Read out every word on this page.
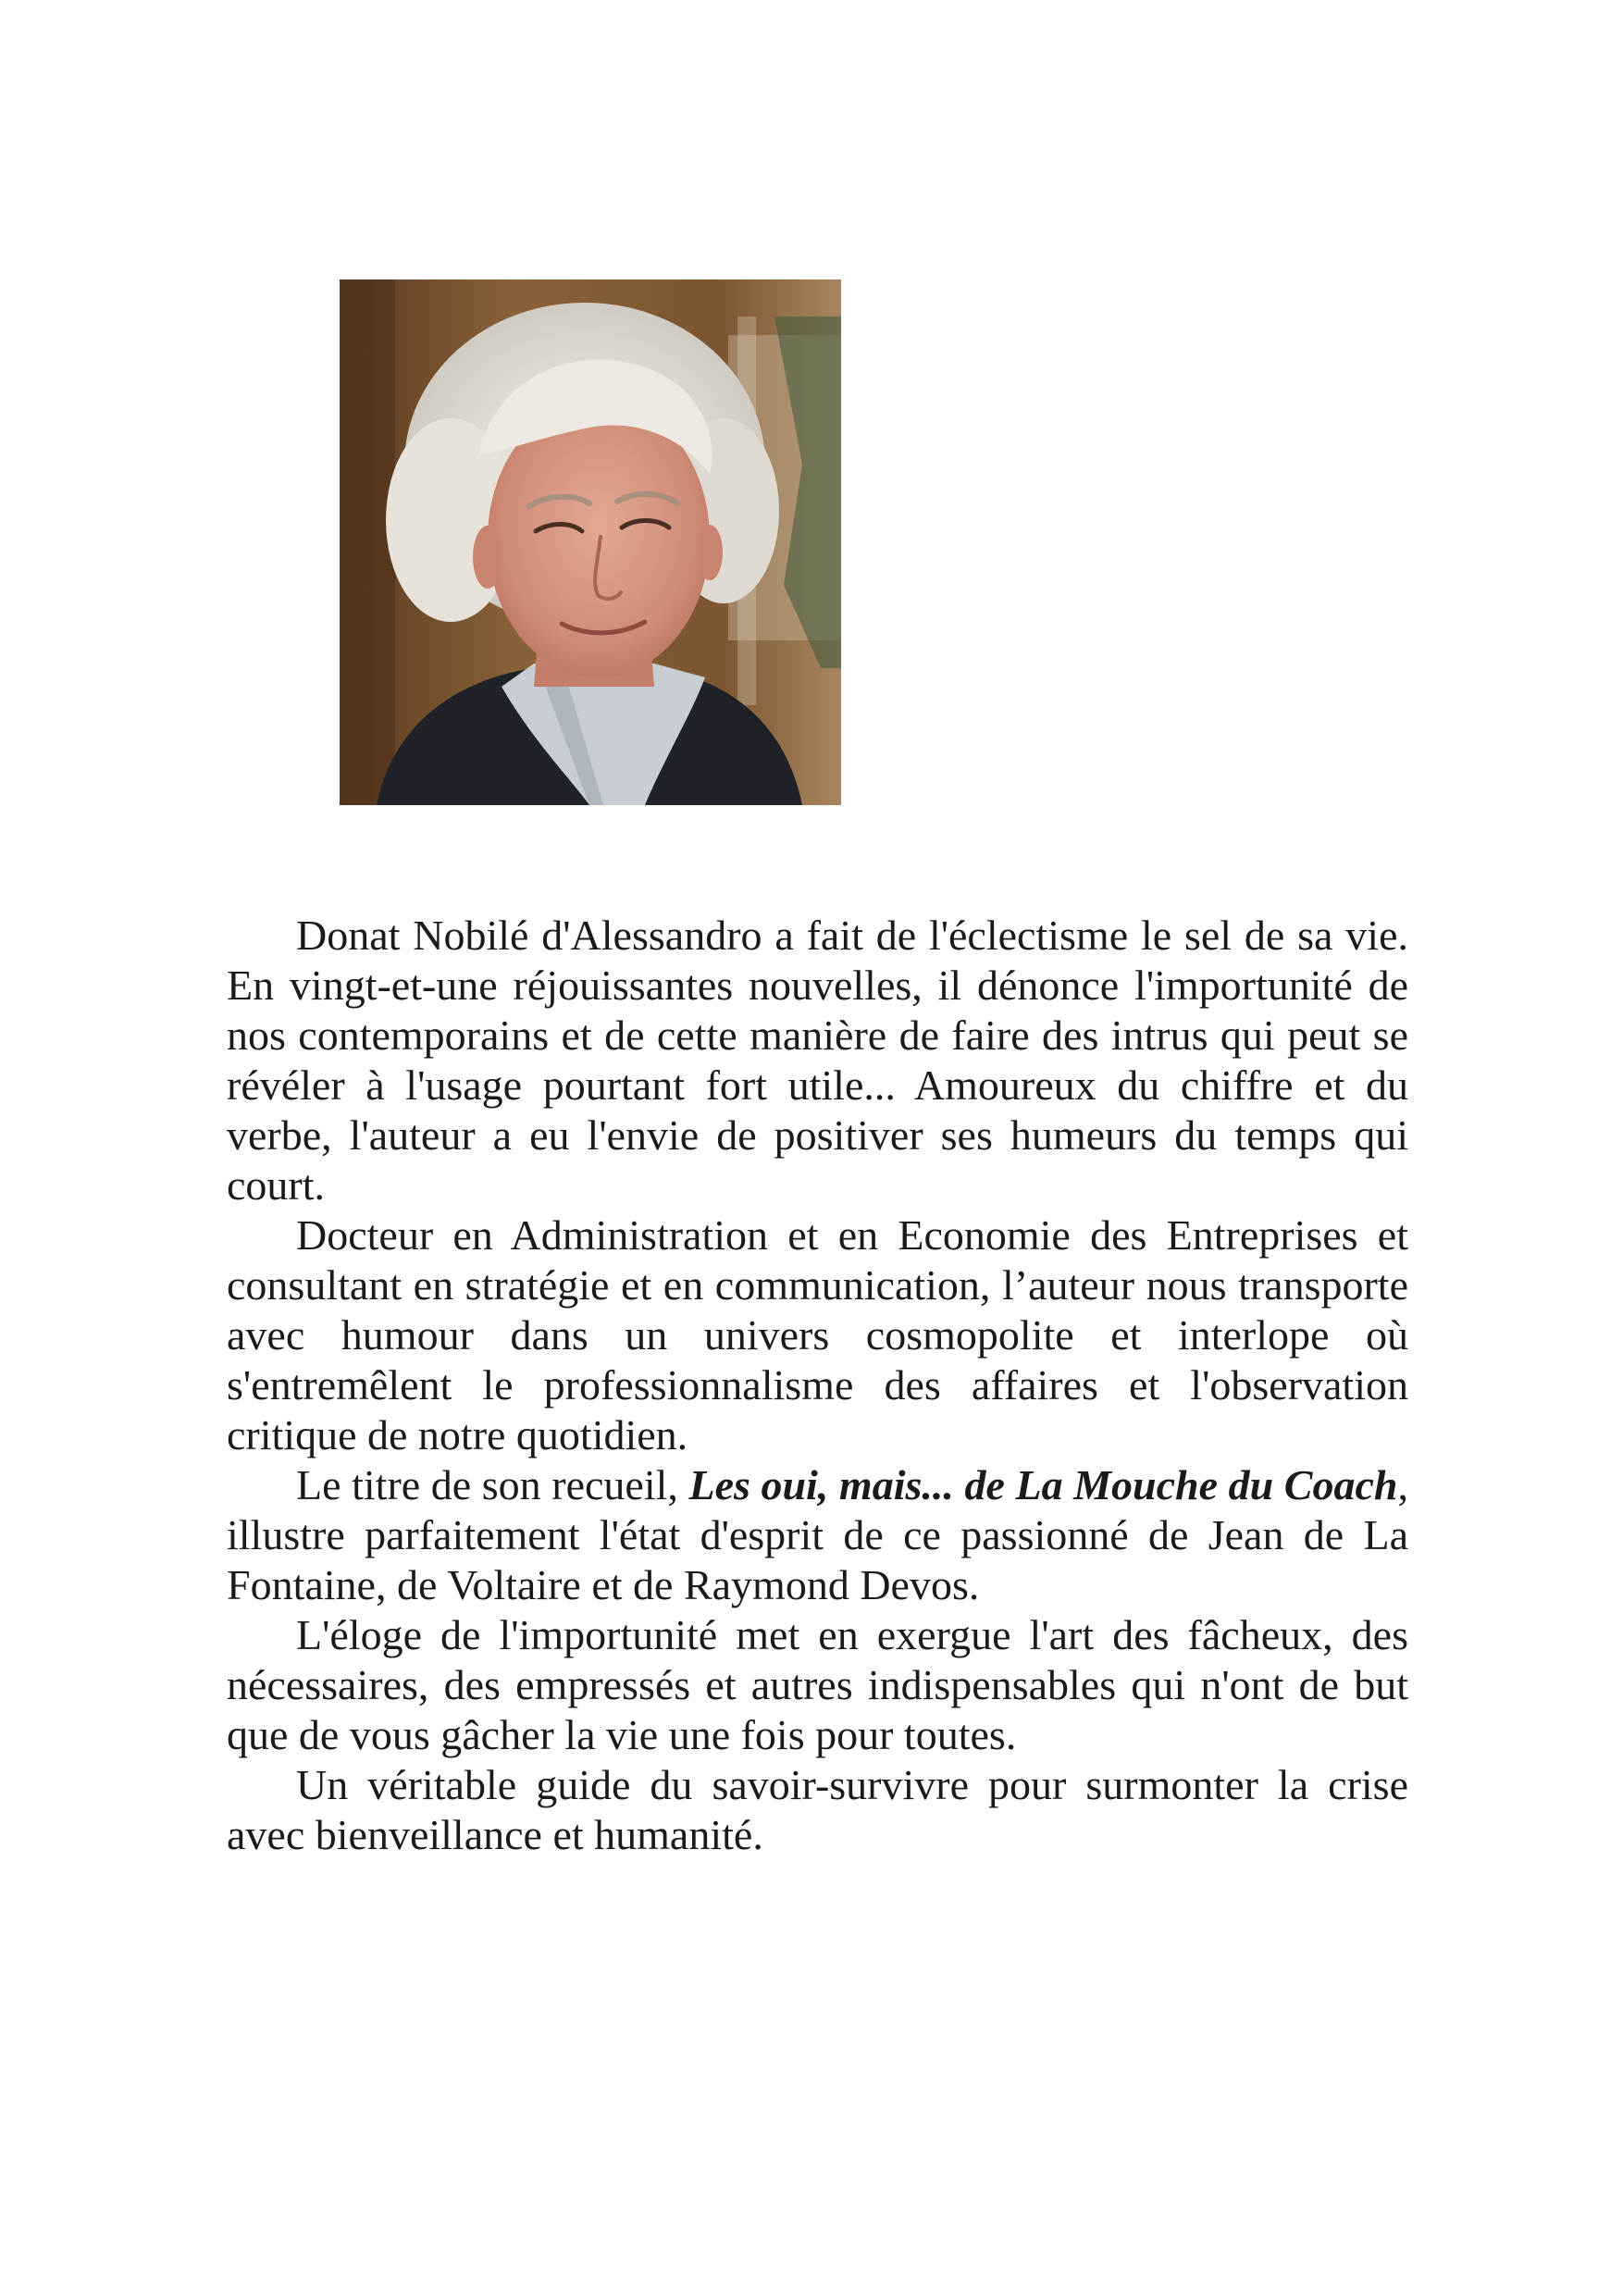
Donat Nobilé d'Alessandro a fait de l'éclectisme le sel de sa vie. En vingt-et-une réjouissantes nouvelles, il dénonce l'importunité de nos contemporains et de cette manière de faire des intrus qui peut se révéler à l'usage pourtant fort utile... Amoureux du chiffre et du verbe, l'auteur a eu l'envie de positiver ses humeurs du temps qui court.

Docteur en Administration et en Economie des Entreprises et consultant en stratégie et en communication, l’auteur nous transporte avec humour dans un univers cosmopolite et interlope où s'entremêlent le professionnalisme des affaires et l'observation critique de notre quotidien.

Le titre de son recueil, Les oui, mais... de La Mouche du Coach, illustre parfaitement l'état d'esprit de ce passionné de Jean de La Fontaine, de Voltaire et de Raymond Devos.

L'éloge de l'importunité met en exergue l'art des fâcheux, des nécessaires, des empressés et autres indispensables qui n'ont de but que de vous gâcher la vie une fois pour toutes.

Un véritable guide du savoir-survivre pour surmonter la crise avec bienveillance et humanité.
